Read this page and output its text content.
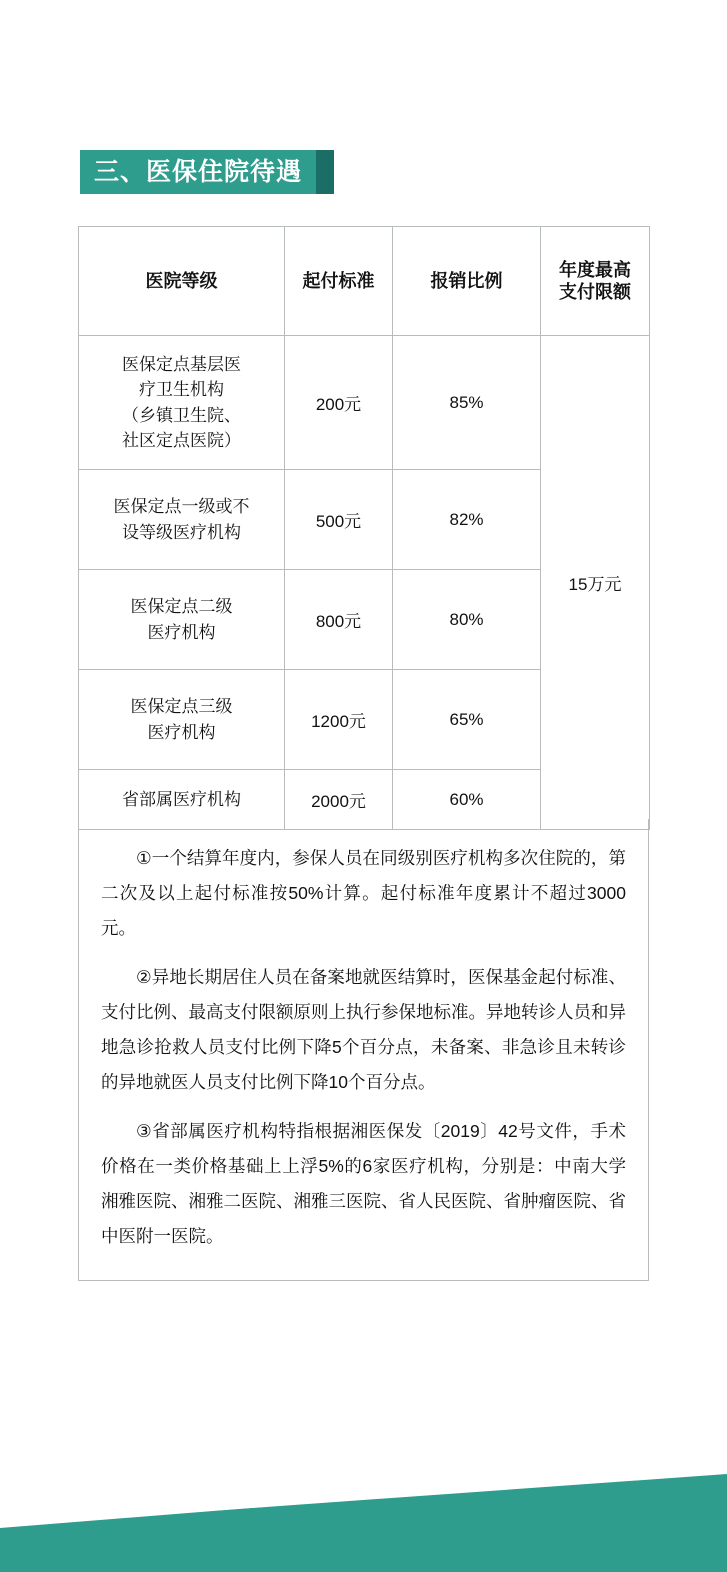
三、医保住院待遇
医院等级	起付标准	报销比例	年度最高
支付限额

医保定点基层医
疗卫生机构
（乡镇卫生院、
社区定点医院）	200元	85%	15万元

医保定点一级或不
设等级医疗机构	500元	82%	

医保定点二级
医疗机构	800元	80%	

医保定点三级
医疗机构	1200元	65%	

省部属医疗机构	2000元	60%	

①一个结算年度内，参保人员在同级别医疗机构多次住院的，第二次及以上起付标准按50%计算。起付标准年度累计不超过3000元。

②异地长期居住人员在备案地就医结算时，医保基金起付标准、支付比例、最高支付限额原则上执行参保地标准。异地转诊人员和异地急诊抢救人员支付比例下降5个百分点，未备案、非急诊且未转诊的异地就医人员支付比例下降10个百分点。

③省部属医疗机构特指根据湘医保发〔2019〕42号文件，手术价格在一类价格基础上上浮5%的6家医疗机构，分别是：中南大学湘雅医院、湘雅二医院、湘雅三医院、省人民医院、省肿瘤医院、省中医附一医院。
